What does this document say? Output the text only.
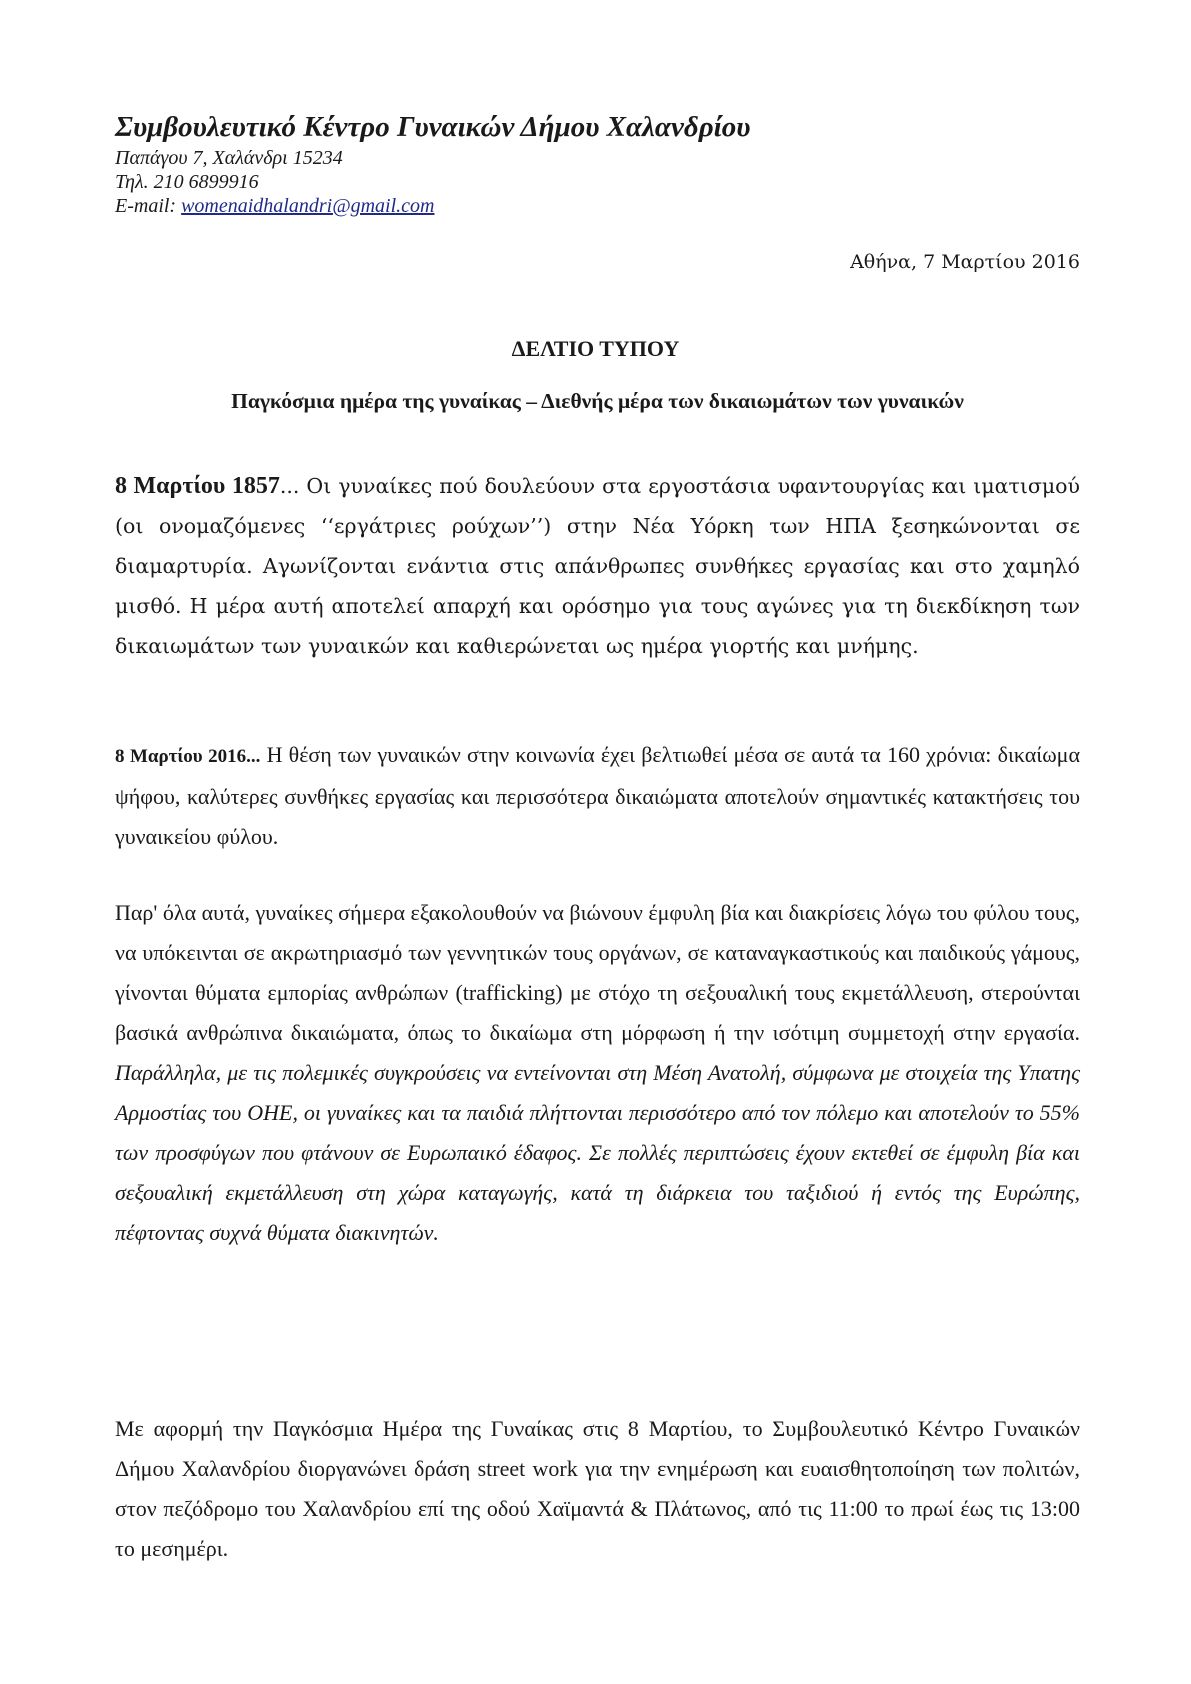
Συμβουλευτικό Κέντρο Γυναικών Δήμου Χαλανδρίου

Παπάγου 7, Χαλάνδρι 15234

Τηλ. 210 6899916

E-mail: womenaidhalandri@gmail.com

Αθήνα, 7 Μαρτίου 2016

ΔΕΛΤΙΟ ΤΥΠΟΥ

Παγκόσμια ημέρα της γυναίκας – Διεθνής μέρα των δικαιωμάτων των γυναικών

8 Μαρτίου 1857... Οι γυναίκες πού δουλεύουν στα εργοστάσια υφαντουργίας και ιματισμού (οι ονομαζόμενες ‘‘εργάτριες ρούχων’’) στην Νέα Υόρκη των ΗΠΑ ξεσηκώνονται σε διαμαρτυρία. Αγωνίζονται ενάντια στις απάνθρωπες συνθήκες εργασίας και στο χαμηλό μισθό. Η μέρα αυτή αποτελεί απαρχή και ορόσημο για τους αγώνες για τη διεκδίκηση των δικαιωμάτων των γυναικών και καθιερώνεται ως ημέρα γιορτής και μνήμης.

8 Μαρτίου 2016... Η θέση των γυναικών στην κοινωνία έχει βελτιωθεί μέσα σε αυτά τα 160 χρόνια: δικαίωμα ψήφου, καλύτερες συνθήκες εργασίας και περισσότερα δικαιώματα αποτελούν σημαντικές κατακτήσεις του γυναικείου φύλου.

Παρ' όλα αυτά, γυναίκες σήμερα εξακολουθούν να βιώνουν έμφυλη βία και διακρίσεις λόγω του φύλου τους, να υπόκεινται σε ακρωτηριασμό των γεννητικών τους οργάνων, σε καταναγκαστικούς και παιδικούς γάμους, γίνονται θύματα εμπορίας ανθρώπων (trafficking) με στόχο τη σεξουαλική τους εκμετάλλευση, στερούνται βασικά ανθρώπινα δικαιώματα, όπως το δικαίωμα στη μόρφωση ή την ισότιμη συμμετοχή στην εργασία. Παράλληλα, με τις πολεμικές συγκρούσεις να εντείνονται στη Μέση Ανατολή, σύμφωνα με στοιχεία της Υπατης Αρμοστίας του ΟΗΕ, οι γυναίκες και τα παιδιά πλήττονται περισσότερο από τον πόλεμο και αποτελούν το 55% των προσφύγων που φτάνουν σε Ευρωπαικό έδαφος. Σε πολλές περιπτώσεις έχουν εκτεθεί σε έμφυλη βία και σεξουαλική εκμετάλλευση στη χώρα καταγωγής, κατά τη διάρκεια του ταξιδιού ή εντός της Ευρώπης, πέφτοντας συχνά θύματα διακινητών.

Με αφορμή την Παγκόσμια Ημέρα της Γυναίκας στις 8 Μαρτίου, το Συμβουλευτικό Κέντρο Γυναικών Δήμου Χαλανδρίου διοργανώνει δράση street work για την ενημέρωση και ευαισθητοποίηση των πολιτών, στον πεζόδρομο του Χαλανδρίου επί της οδού Χαϊμαντά & Πλάτωνος, από τις 11:00 το πρωί έως τις 13:00 το μεσημέρι.
